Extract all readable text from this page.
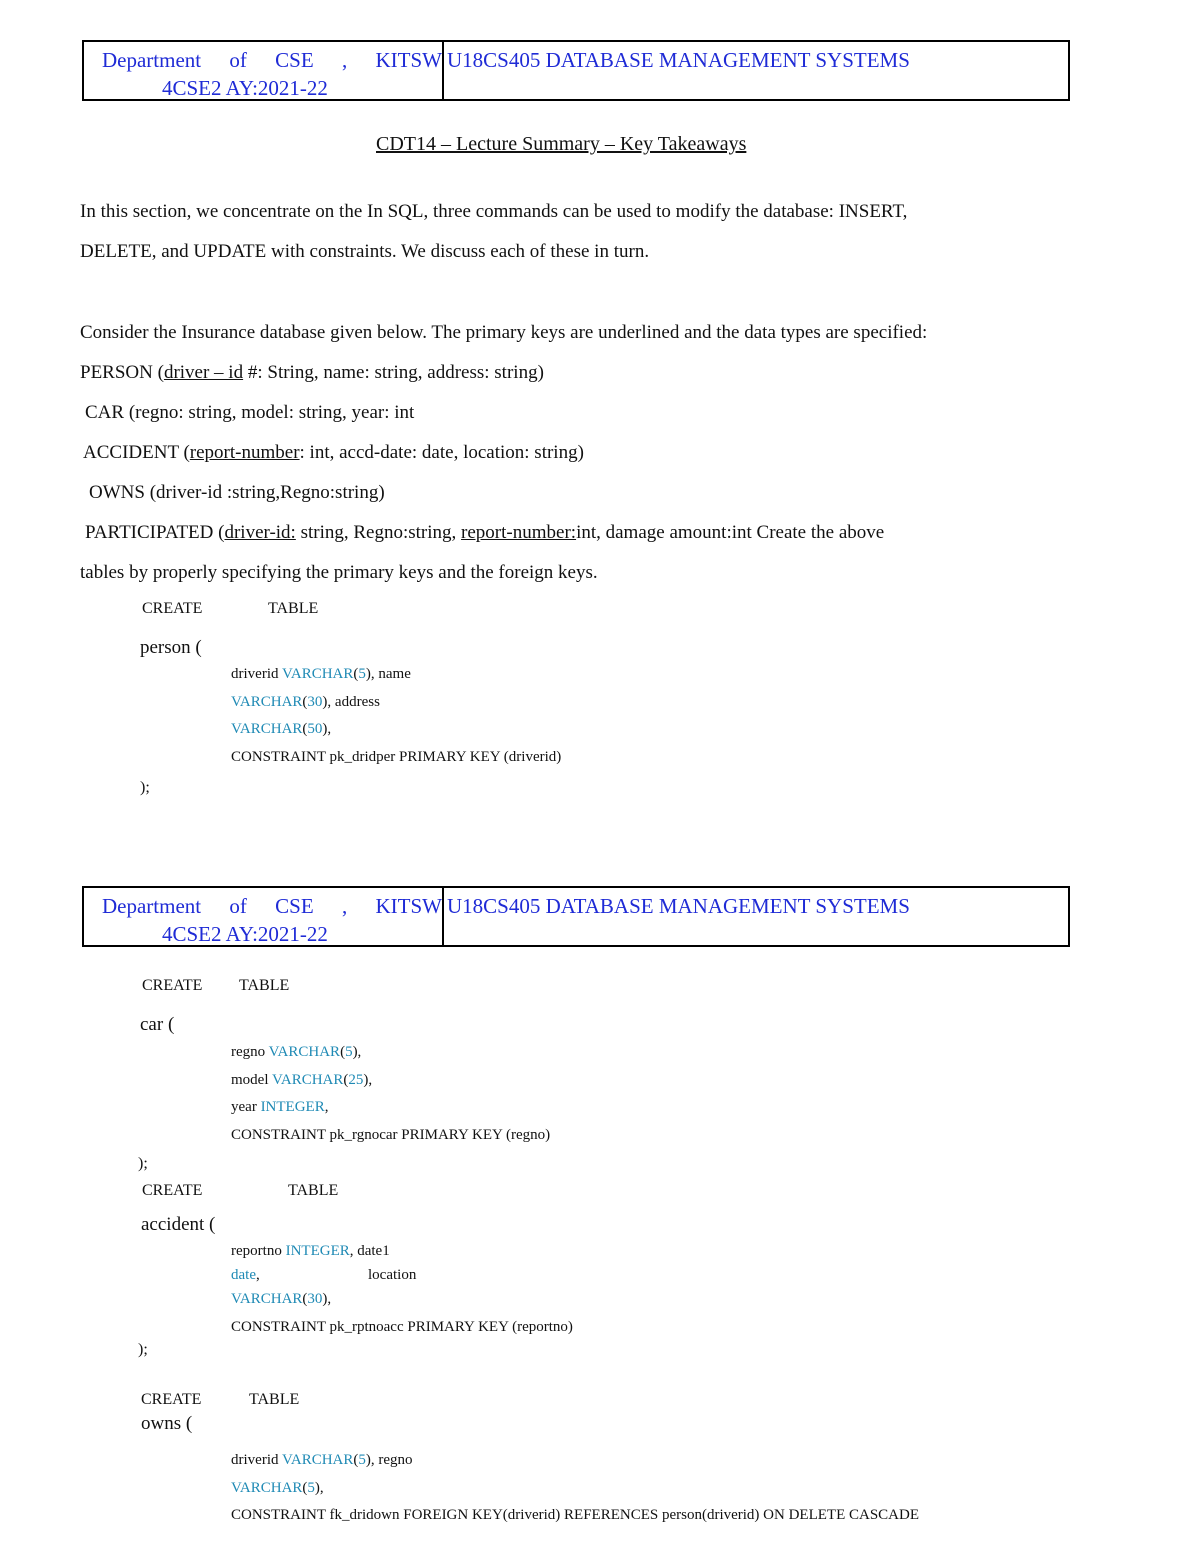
Department of CSE , KITSW
4CSE2 AY:2021-22
U18CS405 DATABASE MANAGEMENT SYSTEMS
CDT14 – Lecture Summary – Key Takeaways
In this section, we concentrate on the In SQL, three commands can be used to modify the database: INSERT,
DELETE, and UPDATE with constraints. We discuss each of these in turn.
Consider the Insurance database given below. The primary keys are underlined and the data types are specified:
PERSON (driver – id #: String, name: string, address: string)
CAR (regno: string, model: string, year: int
ACCIDENT (report-number: int, accd-date: date, location: string)
OWNS (driver-id :string,Regno:string)
PARTICIPATED (driver-id: string, Regno:string, report-number:int, damage amount:int Create the above
tables by properly specifying the primary keys and the foreign keys.
CREATE	TABLE
person (
driverid VARCHAR(5), name
VARCHAR(30), address
VARCHAR(50),
CONSTRAINT pk_dridper PRIMARY KEY (driverid)
);
Department of CSE , KITSW
4CSE2 AY:2021-22
U18CS405 DATABASE MANAGEMENT SYSTEMS
CREATE TABLE
car (
regno VARCHAR(5),
model VARCHAR(25),
year INTEGER,
CONSTRAINT pk_rgnocar PRIMARY KEY (regno)
);
CREATE	TABLE
accident (
reportno INTEGER, date1
date,	location
VARCHAR(30),
CONSTRAINT pk_rptnoacc PRIMARY KEY (reportno)
);
CREATE	TABLE
owns (
driverid VARCHAR(5), regno
VARCHAR(5),
CONSTRAINT fk_dridown FOREIGN KEY(driverid) REFERENCES person(driverid) ON DELETE CASCADE
